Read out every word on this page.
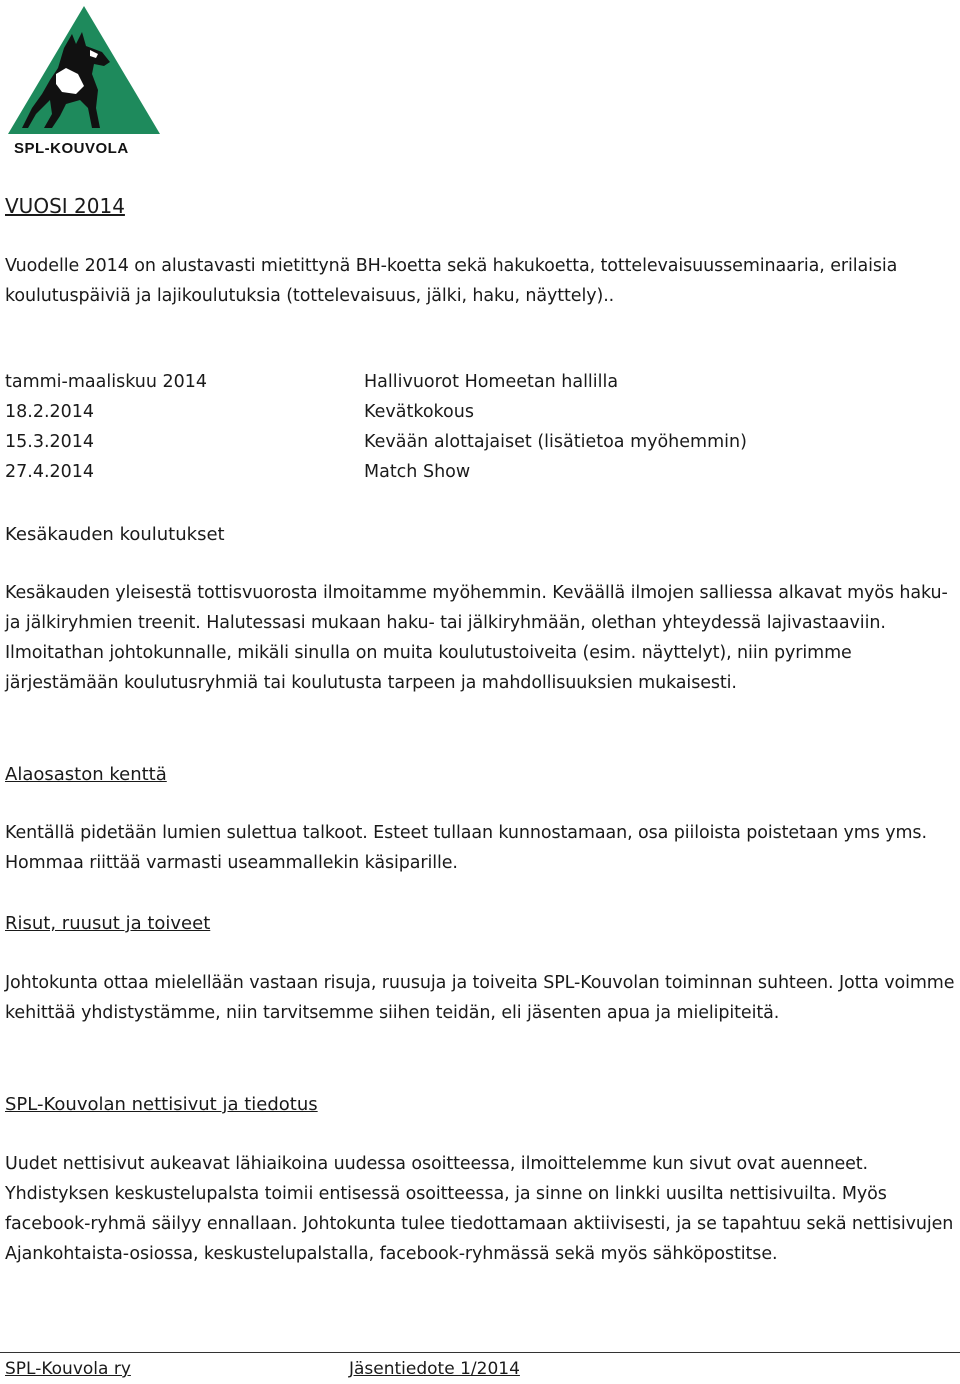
SPL-KOUVOLA
VUOSI 2014

Vuodelle 2014 on alustavasti mietittynä BH-koetta sekä hakukoetta, tottelevaisuusseminaaria, erilaisia koulutuspäiviä ja lajikoulutuksia (tottelevaisuus, jälki, haku, näyttely)..

tammi-maaliskuu 2014	Hallivuorot Homeetan hallilla
18.2.2014	Kevätkokous
15.3.2014	Kevään alottajaiset (lisätietoa myöhemmin)
27.4.2014	Match Show
Kesäkauden koulutukset

Kesäkauden yleisestä tottisvuorosta ilmoitamme myöhemmin. Keväällä ilmojen salliessa alkavat myös haku- ja jälkiryhmien treenit. Halutessasi mukaan haku- tai jälkiryhmään, olethan yhteydessä lajivastaaviin. Ilmoitathan johtokunnalle, mikäli sinulla on muita koulutustoiveita (esim. näyttelyt), niin pyrimme järjestämään koulutusryhmiä tai koulutusta tarpeen ja mahdollisuuksien mukaisesti.

Alaosaston kenttä

Kentällä pidetään lumien sulettua talkoot. Esteet tullaan kunnostamaan, osa piiloista poistetaan yms yms. Hommaa riittää varmasti useammallekin käsiparille.

Risut, ruusut ja toiveet

Johtokunta ottaa mielellään vastaan risuja, ruusuja ja toiveita SPL-Kouvolan toiminnan suhteen. Jotta voimme kehittää yhdistystämme, niin tarvitsemme siihen teidän, eli jäsenten apua ja mielipiteitä.

SPL-Kouvolan nettisivut ja tiedotus

Uudet nettisivut aukeavat lähiaikoina uudessa osoitteessa, ilmoittelemme kun sivut ovat auenneet. Yhdistyksen keskustelupalsta toimii entisessä osoitteessa, ja sinne on linkki uusilta nettisivuilta. Myös facebook-ryhmä säilyy ennallaan. Johtokunta tulee tiedottamaan aktiivisesti, ja se tapahtuu sekä nettisivujen Ajankohtaista-osiossa, keskustelupalstalla, facebook-ryhmässä sekä myös sähköpostitse.

SPL-Kouvola ry	Jäsentiedote 1/2014
